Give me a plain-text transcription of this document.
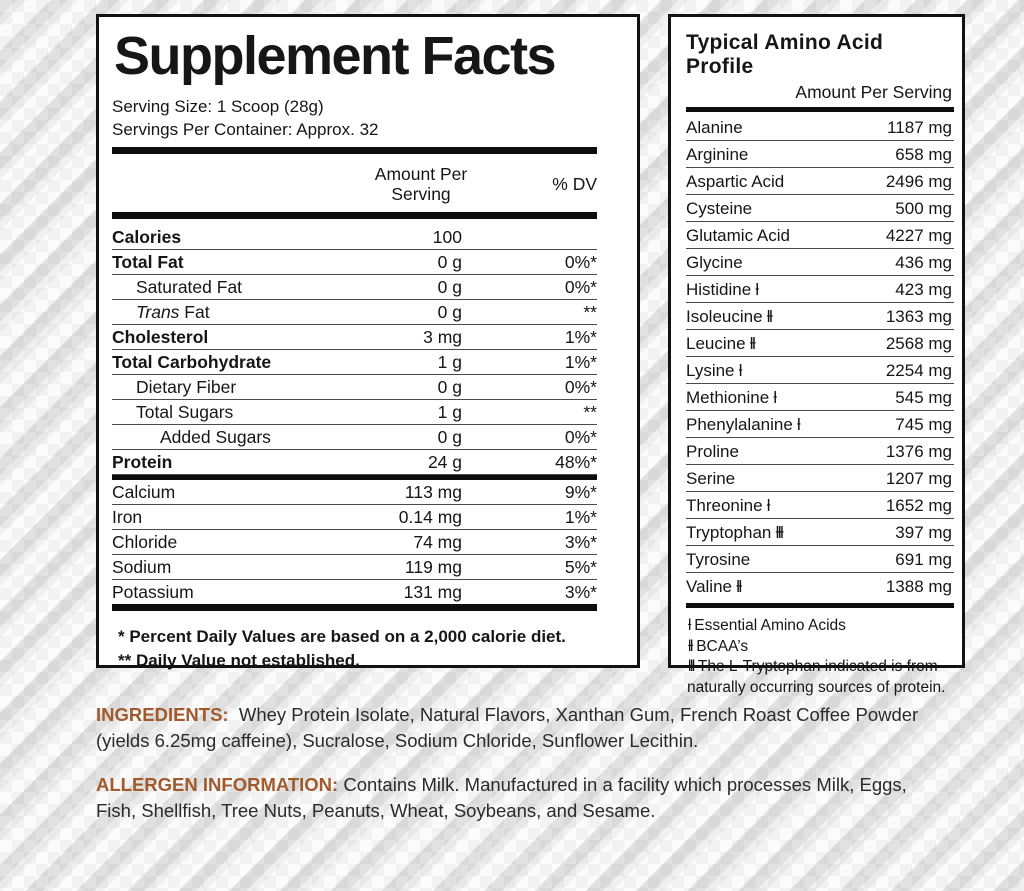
Supplement Facts
Serving Size: 1 Scoop (28g)
Servings Per Container: Approx. 32
Amount Per Serving
% DV
Calories	100
Total Fat	0 g	0%*
Saturated Fat	0 g	0%*
Trans Fat	0 g	**
Cholesterol	3 mg	1%*
Total Carbohydrate	1 g	1%*
Dietary Fiber	0 g	0%*
Total Sugars	1 g	**
Added Sugars	0 g	0%*
Protein	24 g	48%*
Calcium	113 mg	9%*
Iron	0.14 mg	1%*
Chloride	74 mg	3%*
Sodium	119 mg	5%*
Potassium	131 mg	3%*
* Percent Daily Values are based on a 2,000 calorie diet.
** Daily Value not established.
Typical Amino Acid Profile
Amount Per Serving
Alanine	1187 mg
Arginine	658 mg
Aspartic Acid	2496 mg
Cysteine	500 mg
Glutamic Acid	4227 mg
Glycine	436 mg
Histidine ƚ	423 mg
Isoleucine ƚƚ	1363 mg
Leucine ƚƚ	2568 mg
Lysine ƚ	2254 mg
Methionine ƚ	545 mg
Phenylalanine ƚ	745 mg
Proline	1376 mg
Serine	1207 mg
Threonine ƚ	1652 mg
Tryptophan ƚƚƚ	397 mg
Tyrosine	691 mg
Valine ƚƚ	1388 mg
ƚ Essential Amino Acids
ƚƚ BCAA’s
ƚƚƚ The L-Tryptophan indicated is from naturally occurring sources of protein.

INGREDIENTS: Whey Protein Isolate, Natural Flavors, Xanthan Gum, French Roast Coffee Powder (yields 6.25mg caffeine), Sucralose, Sodium Chloride, Sunflower Lecithin.

ALLERGEN INFORMATION: Contains Milk. Manufactured in a facility which processes Milk, Eggs, Fish, Shellfish, Tree Nuts, Peanuts, Wheat, Soybeans, and Sesame.
